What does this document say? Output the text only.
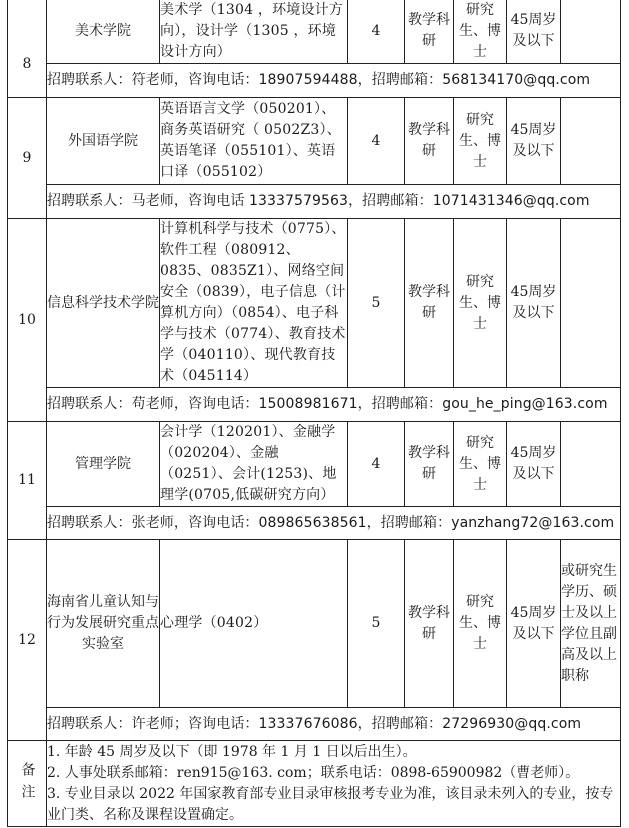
8	美术学院	美术学（1304 ，环境设计方向），设计学（1305 ，环境设计方向）	4	教学科研	研究生、博士	45周岁及以下	
	招聘联系人：符老师，咨询电话：18907594488，招聘邮箱：568134170@qq.com						
9	外国语学院	英语语言文学（050201）、商务英语研究（ 0502Z3）、英语笔译（055101）、英语口译（055102）	4	教学科研	研究生、博士	45周岁及以下	
	招聘联系人：马老师，咨询电话 13337579563，招聘邮箱：1071431346@qq.com						
10	信息科学技术学院	计算机科学与技术（0775）、软件工程（080912、0835、0835Z1）、网络空间安全（0839），电子信息（计算机方向）（0854）、电子科学与技术（0774）、教育技术学（040110）、现代教育技术（045114）	5	教学科研	研究生、博士	45周岁及以下	
	招聘联系人：苟老师，咨询电话：15008981671，招聘邮箱：gou_he_ping@163.com						
11	管理学院	会计学（120201）、金融学（020204）、金融（0251）、会计(1253)、地理学(0705,低碳研究方向）	4	教学科研	研究生、博士	45周岁及以下	
	招聘联系人：张老师，咨询电话：089865638561，招聘邮箱：yanzhang72@163.com						
12	海南省儿童认知与行为发展研究重点实验室	心理学（0402）	5	教学科研	研究生、博士	45周岁及以下	或研究生学历、硕士及以上学位且副高及以上职称
	招聘联系人：许老师；咨询电话：13337676086，招聘邮箱：27296930@qq.com						
备注	1. 年龄 45 周岁及以下（即 1978 年 1 月 1 日以后出生）。
2. 人事处联系邮箱：ren915@163. com；联系电话：0898-65900982（曹老师）。
3. 专业目录以 2022 年国家教育部专业目录审核报考专业为准，该目录未列入的专业，按专业门类、名称及课程设置确定。						
